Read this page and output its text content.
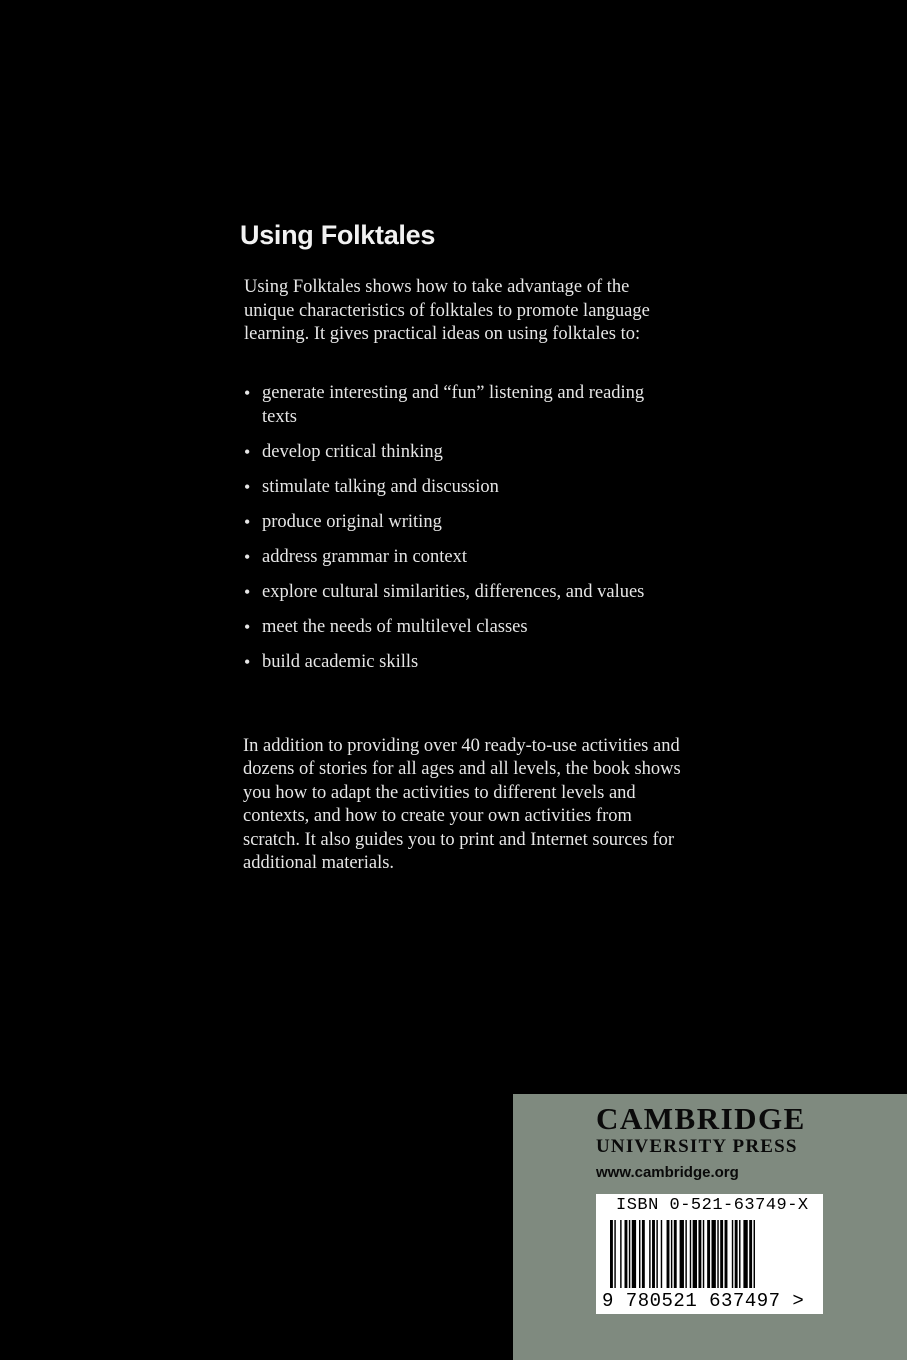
Using Folktales

Using Folktales shows how to take advantage of the unique characteristics of folktales to promote language learning. It gives practical ideas on using folktales to:

• generate interesting and “fun” listening and reading texts
• develop critical thinking
• stimulate talking and discussion
• produce original writing
• address grammar in context
• explore cultural similarities, differences, and values
• meet the needs of multilevel classes
• build academic skills

In addition to providing over 40 ready-to-use activities and dozens of stories for all ages and all levels, the book shows you how to adapt the activities to different levels and contexts, and how to create your own activities from scratch. It also guides you to print and Internet sources for additional materials.

CAMBRIDGE
UNIVERSITY PRESS
www.cambridge.org
ISBN 0-521-63749-X
9 780521 637497 >
